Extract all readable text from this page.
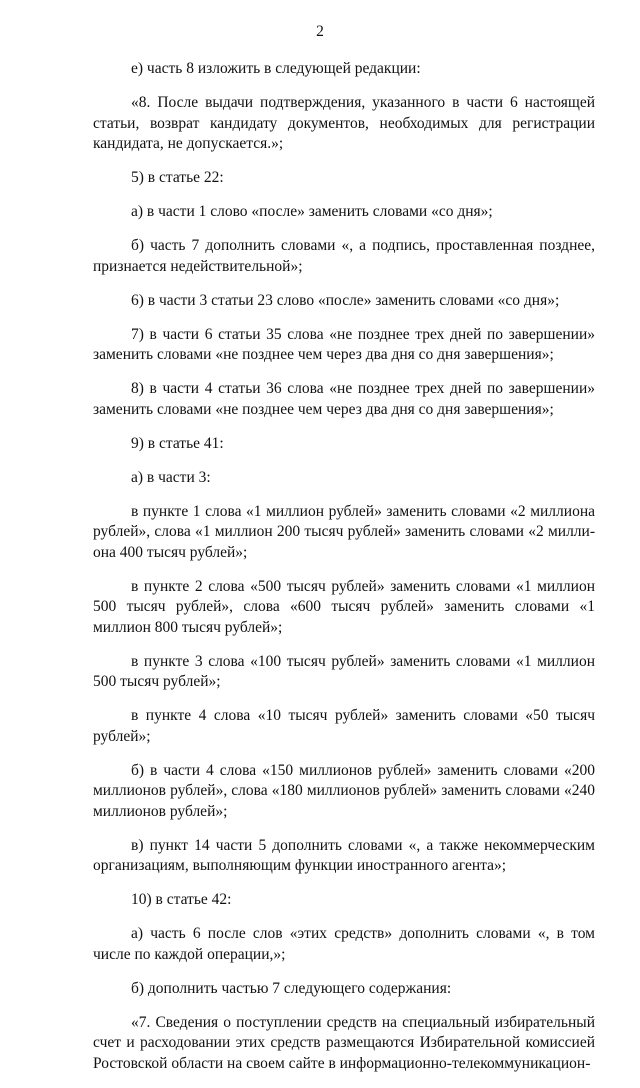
2

е) часть 8 изложить в следующей редакции:

«8. После выдачи подтверждения, указанного в части 6 настоящей статьи, возврат кандидату документов, необходимых для регистрации кандидата, не допускается.»;

5) в статье 22:

а) в части 1 слово «после» заменить словами «со дня»;

б) часть 7 дополнить словами «, а подпись, проставленная позднее, признается недействительной»;

6) в части 3 статьи 23 слово «после» заменить словами «со дня»;

7) в части 6 статьи 35 слова «не позднее трех дней по завершении» заменить словами «не позднее чем через два дня со дня завершения»;

8) в части 4 статьи 36 слова «не позднее трех дней по завершении» заменить словами «не позднее чем через два дня со дня завершения»;

9) в статье 41:

а) в части 3:

в пункте 1 слова «1 миллион рублей» заменить словами «2 миллиона рублей», слова «1 миллион 200 тысяч рублей» заменить словами «2 миллиона 400 тысяч рублей»;

в пункте 2 слова «500 тысяч рублей» заменить словами «1 миллион 500 тысяч рублей», слова «600 тысяч рублей» заменить словами «1 миллион 800 тысяч рублей»;

в пункте 3 слова «100 тысяч рублей» заменить словами «1 миллион 500 тысяч рублей»;

в пункте 4 слова «10 тысяч рублей» заменить словами «50 тысяч рублей»;

б) в части 4 слова «150 миллионов рублей» заменить словами «200 миллионов рублей», слова «180 миллионов рублей» заменить словами «240 миллионов рублей»;

в) пункт 14 части 5 дополнить словами «, а также некоммерческим организациям, выполняющим функции иностранного агента»;

10) в статье 42:

а) часть 6 после слов «этих средств» дополнить словами «, в том числе по каждой операции,»;

б) дополнить частью 7 следующего содержания:

«7. Сведения о поступлении средств на специальный избирательный счет и расходовании этих средств размещаются Избирательной комиссией Ростовской области на своем сайте в информационно-телекоммуникацион-
